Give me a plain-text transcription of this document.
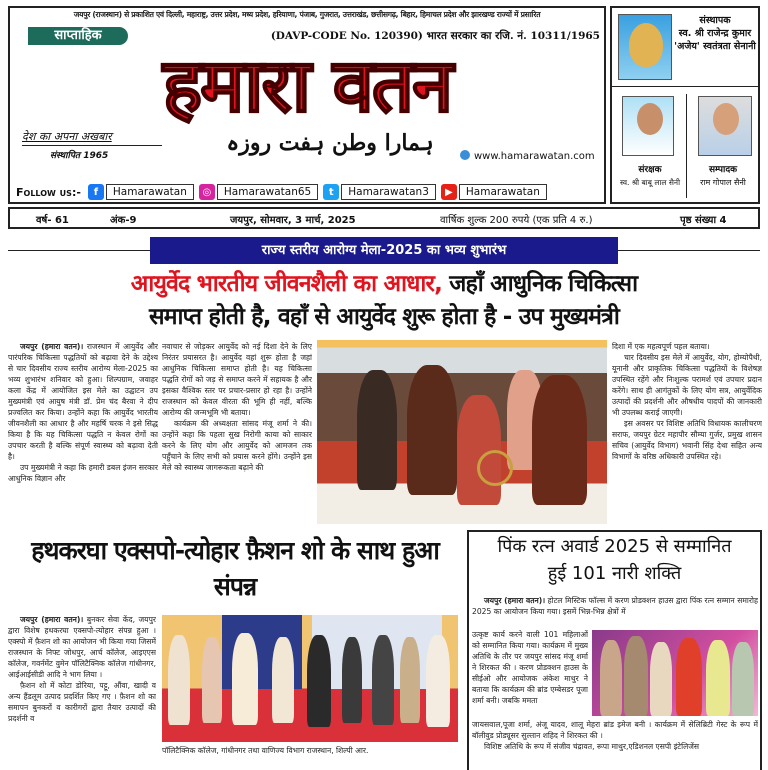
जयपुर (राजस्थान) से प्रकाशित एवं दिल्ली, महाराष्ट्र, उत्तर प्रदेश, मध्य प्रदेश, हरियाणा, पंजाब, गुजरात, उत्तराखंड, छत्तीसगढ़, बिहार, हिमाचल प्रदेश और झारखण्ड राज्यों में प्रसारित
साप्ताहिक	(DAVP-CODE No. 120390) भारत सरकार का रजि. नं. 10311/1965
हमारा वतन
देश का अपना अखबार
संस्थापित 1965	ہمارا وطن ہفت روزہ
www.hamarawatan.com
Follow us:-	f	Hamarawatan	◎	Hamarawatan65	t	Hamarawatan3	▶	Hamarawatan
संस्थापक
स्व. श्री राजेन्द्र कुमार 'अजेय' स्वतंत्रता सेनानी
संरक्षक
स्व. श्री बाबू लाल सैनी
सम्पादक
राम गोपाल सैनी
वर्ष- 61	अंक-9	जयपुर, सोमवार, 3 मार्च, 2025	वार्षिक शुल्क 200 रुपये (एक प्रति 4 रु.)	पृष्ठ संख्या 4
राज्य स्तरीय आरोग्य मेला-2025 का भव्य शुभारंभ
आयुर्वेद भारतीय जीवनशैली का आधार, जहाँ आधुनिक चिकित्सा
समाप्त होती है, वहाँ से आयुर्वेद शुरू होता है - उप मुख्यमंत्री

जयपुर (हमारा वतन)। राजस्थान में आयुर्वेद और पारंपरिक चिकित्सा पद्धतियों को बढ़ावा देने के उद्देश्य से चार दिवसीय राज्य स्तरीय आरोग्य मेला-2025 का भव्य शुभारंभ शनिवार को हुआ। शिल्पग्राम, जवाहर कला केंद्र में आयोजित इस मेले का उद्घाटन उप मुख्यमंत्री एवं आयुष मंत्री डॉ. प्रेम चंद बैरवा ने दीप प्रज्वलित कर किया। उन्होंने कहा कि आयुर्वेद भारतीय जीवनशैली का आधार है और महर्षि चरक ने इसे सिद्ध किया है कि यह चिकित्सा पद्धति न केवल रोगों का उपचार करती है बल्कि संपूर्ण स्वास्थ्य को बढ़ावा देती है।

उप मुख्यमंत्री ने कहा कि हमारी डबल इंजन सरकार आधुनिक विज्ञान और

नवाचार से जोड़कर आयुर्वेद को नई दिशा देने के लिए निरंतर प्रयासरत है। आयुर्वेद वहां शुरू होता है जहां आधुनिक चिकित्सा समाप्त होती है। यह चिकित्सा पद्धति रोगों को जड़ से समाप्त करने में सहायक है और इसका वैश्विक स्तर पर प्रचार-प्रसार हो रहा है। उन्होंने राजस्थान को केवल वीरता की भूमि ही नहीं, बल्कि आरोग्य की जन्मभूमि भी बताया।

कार्यक्रम की अध्यक्षता सांसद मंजू शर्मा ने की। उन्होंने कहा कि पहला सुख निरोगी काया को साकार करने के लिए योग और आयुर्वेद को आमजन तक पहुँचाने के लिए सभी को प्रयास करने होंगे। उन्होंने इस मेले को स्वास्थ्य जागरूकता बढ़ाने की

दिशा में एक महत्वपूर्ण पहल बताया।

चार दिवसीय इस मेले में आयुर्वेद, योग, होम्योपैथी, यूनानी और प्राकृतिक चिकित्सा पद्धतियों के विशेषज्ञ उपस्थित रहेंगे और निःशुल्क परामर्श एवं उपचार प्रदान करेंगे। साथ ही आगंतुकों के लिए योग सत्र, आयुर्वेदिक उत्पादों की प्रदर्शनी और औषधीय पादपों की जानकारी भी उपलब्ध कराई जाएगी।

इस अवसर पर विशिष्ट अतिथि विधायक कालीचरण सराफ, जयपुर ग्रेटर महापौर सौम्या गुर्जर, प्रमुख शासन सचिव (आयुर्वेद विभाग) भवानी सिंह देथा सहित अन्य विभागों के वरिष्ठ अधिकारी उपस्थित रहे।

हथकरघा एक्सपो-त्योहार फ़ैशन शो के साथ हुआ संपन्न

जयपुर (हमारा वतन)। बुनकर सेवा केंद, जयपुर द्वारा विशेष हथकरघा एक्सपो-त्योहार संपन्न हुआ । एक्स्पो में फ़ैशन शो का आयोजन भी किया गया जिसमें राजस्थान के निफ्ट जोधपुर, आर्च कॉलेज, आइएएस कॉलेज, गवर्नमेंट वुमेन पॉलिटैक्निक कॉलेज गांधीनगर, आईआईसीडी आदि ने भाग लिया ।

फ़ैशन शो में कोटा डोरिया, पट्टू, औंवा, खादी व अन्य हैंडलूम उत्पाद प्रदर्शित किए गए । फ़ैशन शो का समापन बुनकरों व कारीगरों द्वारा तैयार उत्पादों की प्रदर्शनी व

पॉलिटैक्निक कॉलेज, गांधीनगर तथा वाणिज्य विभाग राजस्थान, शिल्पी आर.

पिंक रत्न अवार्ड 2025 से सम्मानित हुई 101 नारी शक्ति

जयपुर (हमारा वतन)। होटल मिस्टिक फॉल्स में करण प्रोडक्शन हाउस द्वारा पिंक रत्न सम्मान समारोह 2025 का आयोजन किया गया। इसमें भिन्न-भिन्न क्षेत्रों में

उत्कृष्ट कार्य करने वाली 101 महिलाओं को सम्मानित किया गया। कार्यक्रम में मुख्य अतिथि के तौर पर जयपुर सांसद मंजू शर्मा ने शिरकत की । करण प्रोडक्शन हाउस के सीईओ और आयोजक अंकेश माथुर ने बताया कि कार्यक्रम की ब्रांड एम्बेसडर पूजा शर्मा बनी। जबकि ममता

जायसवाल,पूजा शर्मा, अंजू यादव, शालू मेहरा ब्रांड इमेज बनी । कार्यक्रम में सेलिब्रिटी गेस्ट के रूप में बॉलीवुड प्रोड्यूसर सुल्तान शहिद ने शिरकत की ।

विशिष्ट अतिथि के रूप में संजीव चंद्रावत, रूपा माथुर,एडिशनल एसपी इंटेलिजेंस
